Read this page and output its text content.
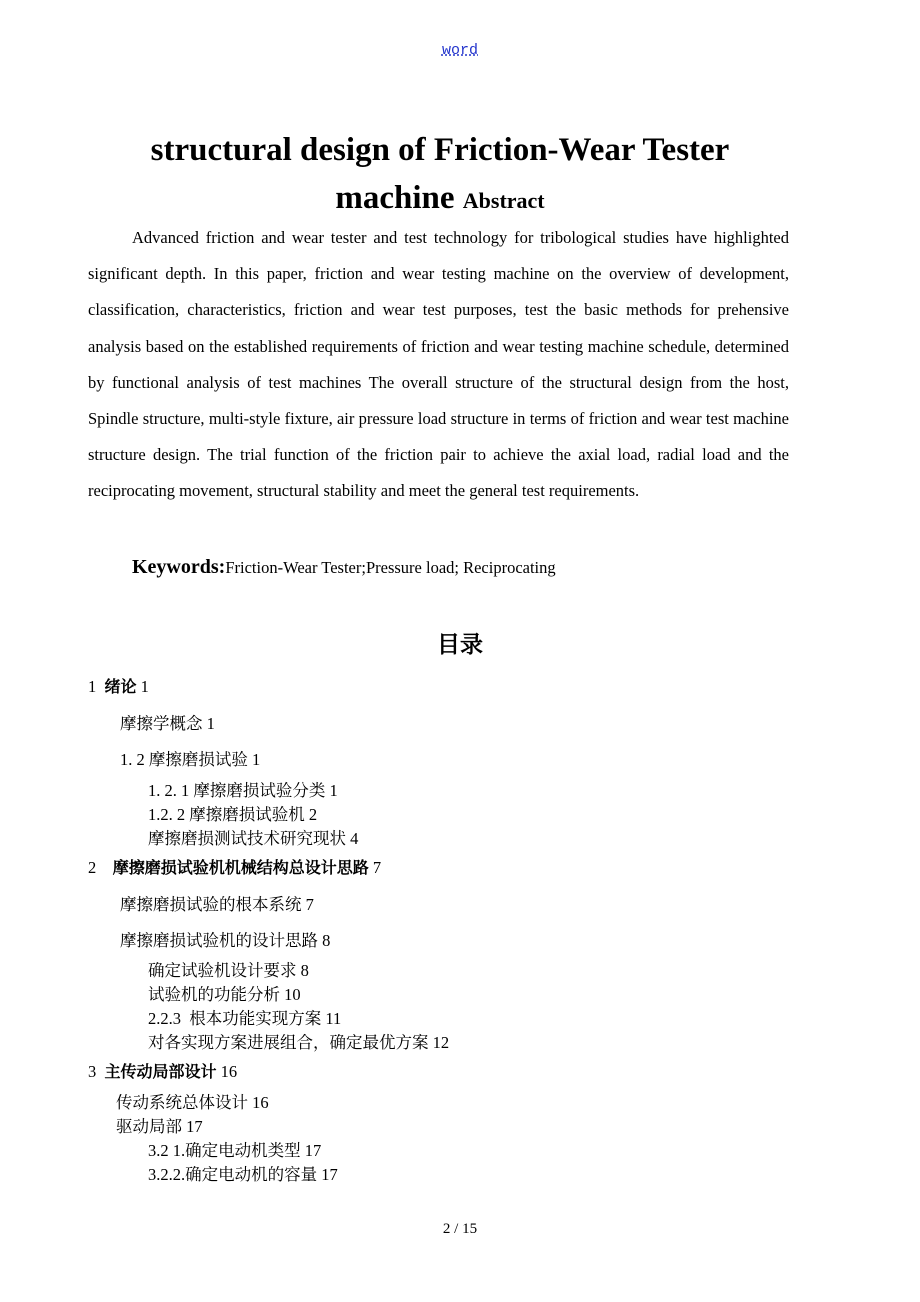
word
structural design of Friction-Wear Tester
machine Abstract
Advanced friction and wear tester and test technology for tribological studies have highlighted significant depth. In this paper, friction and wear testing machine on the overview of development, classification, characteristics, friction and wear test purposes, test the basic methods for prehensive analysis based on the established requirements of friction and wear testing machine schedule, determined by functional analysis of test machines The overall structure of the structural design from the host, Spindle structure, multi-style fixture, air pressure load structure in terms of friction and wear test machine structure design. The trial function of the friction pair to achieve the axial load, radial load and the reciprocating movement, structural stability and meet the general test requirements.
Keywords:Friction-Wear Tester;Pressure load; Reciprocating
目录
1 绪论 1
摩擦学概念 1
1. 2 摩擦磨损试验 1
1. 2. 1 摩擦磨损试验分类 1
1.2. 2 摩擦磨损试验机 2
摩擦磨损测试技术研究现状 4
2 摩擦磨损试验机机械结构总设计思路 7
摩擦磨损试验的根本系统 7
摩擦磨损试验机的设计思路 8
确定试验机设计要求 8
试验机的功能分析 10
2.2.3 根本功能实现方案 11
对各实现方案进展组合，确定最优方案 12
3 主传动局部设计 16
传动系统总体设计 16
驱动局部 17
3.2 1.确定电动机类型 17
3.2.2.确定电动机的容量 17
2 / 15
